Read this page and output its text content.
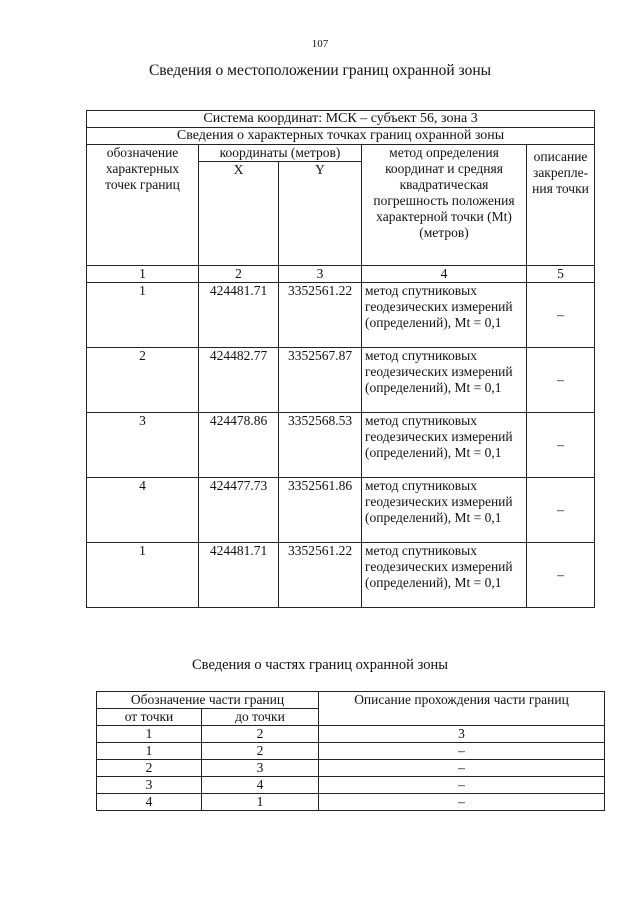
107
Сведения о местоположении границ охранной зоны
Система координат: МСК – субъект 56, зона 3				
Сведения о характерных точках границ охранной зоны				
обозначение характерных точек границ	координаты (метров)		метод определения координат и средняя квадратическая погрешность положения характерной точки (Mt) (метров)	описание закрепле-ния точки
	X	Y		
1	2	3	4	5
1	424481.71	3352561.22	метод спутниковых геодезических измерений (определений), Mt = 0,1	–
2	424482.77	3352567.87	метод спутниковых геодезических измерений (определений), Mt = 0,1	–
3	424478.86	3352568.53	метод спутниковых геодезических измерений (определений), Mt = 0,1	–
4	424477.73	3352561.86	метод спутниковых геодезических измерений (определений), Mt = 0,1	–
1	424481.71	3352561.22	метод спутниковых геодезических измерений (определений), Mt = 0,1	–
Сведения о частях границ охранной зоны
Обозначение части границ		Описание прохождения части границ
от точки	до точки	
1	2	3
1	2	–
2	3	–
3	4	–
4	1	–
